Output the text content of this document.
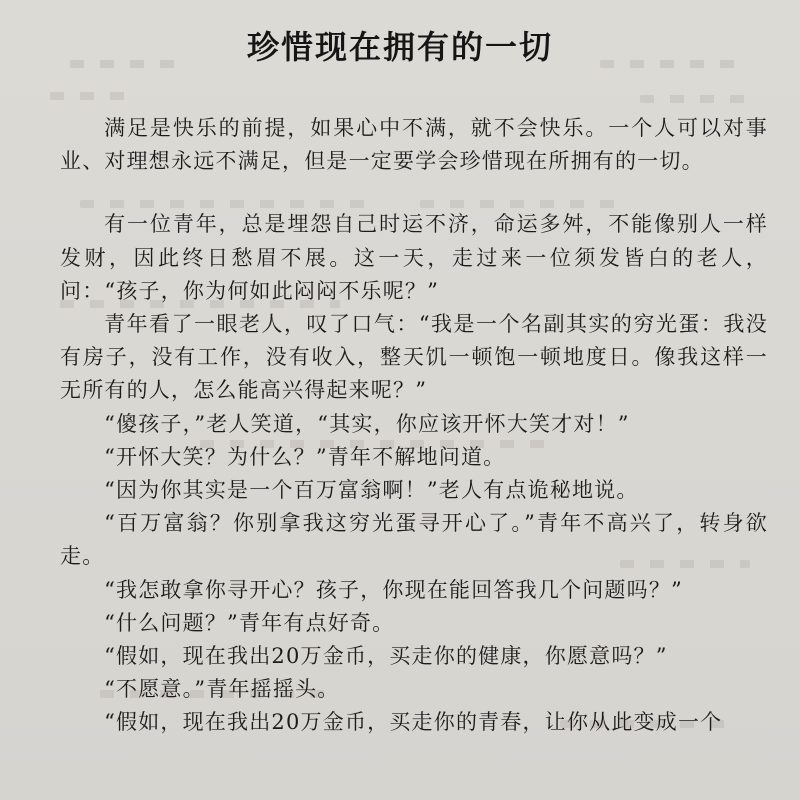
珍惜现在拥有的一切

满足是快乐的前提，如果心中不满，就不会快乐。一个人可以对事业、对理想永远不满足，但是一定要学会珍惜现在所拥有的一切。

有一位青年，总是埋怨自己时运不济，命运多舛，不能像别人一样发财，因此终日愁眉不展。这一天，走过来一位须发皆白的老人，问：“孩子，你为何如此闷闷不乐呢？”

青年看了一眼老人，叹了口气：“我是一个名副其实的穷光蛋：我没有房子，没有工作，没有收入，整天饥一顿饱一顿地度日。像我这样一无所有的人，怎么能高兴得起来呢？”

“傻孩子，”老人笑道，“其实，你应该开怀大笑才对！”

“开怀大笑？为什么？”青年不解地问道。

“因为你其实是一个百万富翁啊！”老人有点诡秘地说。

“百万富翁？你别拿我这穷光蛋寻开心了。”青年不高兴了，转身欲走。

“我怎敢拿你寻开心？孩子，你现在能回答我几个问题吗？”

“什么问题？”青年有点好奇。

“假如，现在我出20万金币，买走你的健康，你愿意吗？”

“不愿意。”青年摇摇头。

“假如，现在我出20万金币，买走你的青春，让你从此变成一个
